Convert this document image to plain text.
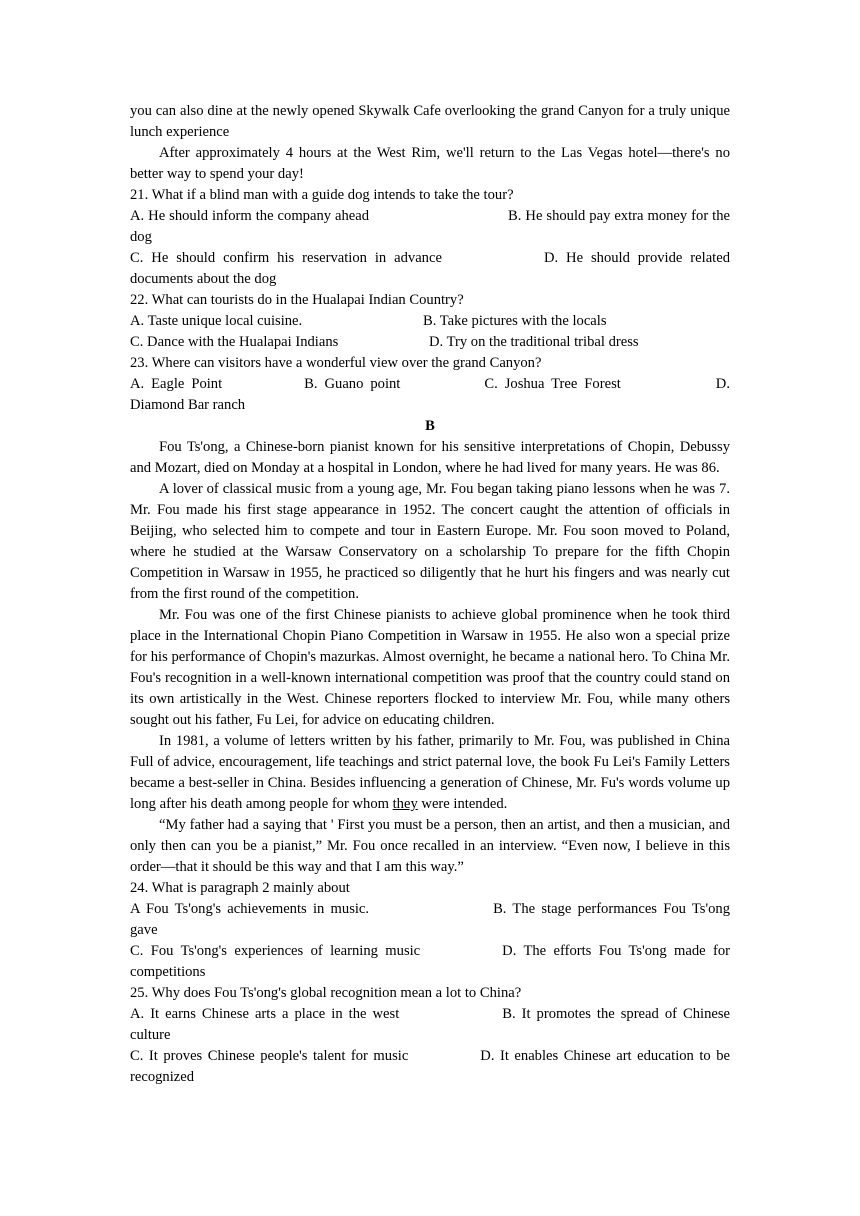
you can also dine at the newly opened Skywalk Cafe overlooking the grand Canyon for a truly unique lunch experience

After approximately 4 hours at the West Rim, we'll return to the Las Vegas hotel—there's no better way to spend your day!

21. What if a blind man with a guide dog intends to take the tour?

A. He should inform the company ahead	B. He should pay extra money for the dog

C. He should confirm his reservation in advance	D. He should provide related documents about the dog

22. What can tourists do in the Hualapai Indian Country?

A. Taste unique local cuisine.	B. Take pictures with the locals

C. Dance with the Hualapai Indians	D. Try on the traditional tribal dress

23. Where can visitors have a wonderful view over the grand Canyon?

A. Eagle Point	B. Guano point	C. Joshua Tree Forest	D. Diamond Bar ranch

B

Fou Ts'ong, a Chinese-born pianist known for his sensitive interpretations of Chopin, Debussy and Mozart, died on Monday at a hospital in London, where he had lived for many years. He was 86.

A lover of classical music from a young age, Mr. Fou began taking piano lessons when he was 7. Mr. Fou made his first stage appearance in 1952. The concert caught the attention of officials in Beijing, who selected him to compete and tour in Eastern Europe. Mr. Fou soon moved to Poland, where he studied at the Warsaw Conservatory on a scholarship To prepare for the fifth Chopin Competition in Warsaw in 1955, he practiced so diligently that he hurt his fingers and was nearly cut from the first round of the competition.

Mr. Fou was one of the first Chinese pianists to achieve global prominence when he took third place in the International Chopin Piano Competition in Warsaw in 1955. He also won a special prize for his performance of Chopin's mazurkas. Almost overnight, he became a national hero. To China Mr. Fou's recognition in a well-known international competition was proof that the country could stand on its own artistically in the West. Chinese reporters flocked to interview Mr. Fou, while many others sought out his father, Fu Lei, for advice on educating children.

In 1981, a volume of letters written by his father, primarily to Mr. Fou, was published in China Full of advice, encouragement, life teachings and strict paternal love, the book Fu Lei's Family Letters became a best-seller in China. Besides influencing a generation of Chinese, Mr. Fu's words volume up long after his death among people for whom they were intended.

“My father had a saying that ' First you must be a person, then an artist, and then a musician, and only then can you be a pianist,” Mr. Fou once recalled in an interview. “Even now, I believe in this order—that it should be this way and that I am this way.”

24. What is paragraph 2 mainly about

A Fou Ts'ong's achievements in music.	B. The stage performances Fou Ts'ong gave

C. Fou Ts'ong's experiences of learning music	D. The efforts Fou Ts'ong made for competitions

25. Why does Fou Ts'ong's global recognition mean a lot to China?

A. It earns Chinese arts a place in the west	B. It promotes the spread of Chinese culture

C. It proves Chinese people's talent for music	D. It enables Chinese art education to be recognized
